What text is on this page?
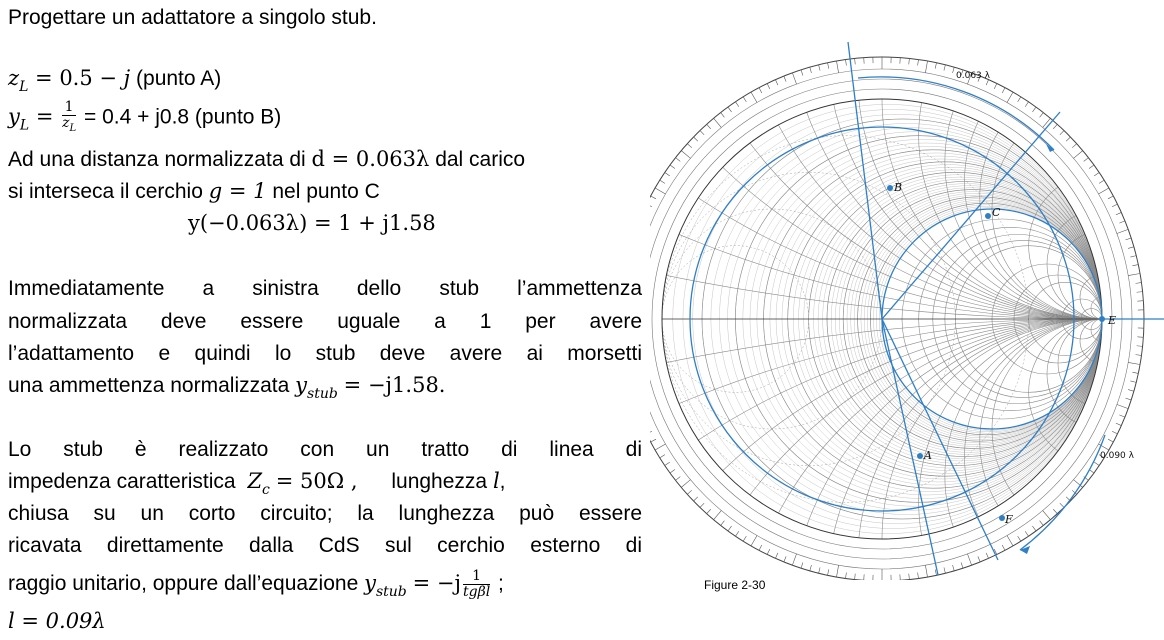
Progettare un adattatore a singolo stub.
$z_L = 0.5 - j$ (punto A)
$y_L = \frac{1}{z_L} = 0.4 + j0.8$ (punto B)
Ad una distanza normalizzata di d = 0.063λ dal carico
si interseca il cerchio g = 1 nel punto C
y(−0.063λ) = 1 + j1.58
Immediatamente a sinistra dello stub l’ammettenza
normalizzata deve essere uguale a 1 per avere
l’adattamento e quindi lo stub deve avere ai morsetti
una ammettenza normalizzata $y_{stub} = -j1.58$.
Lo stub è realizzato con un tratto di linea di
impedenza caratteristica $Z_c = 50\Omega$ , lunghezza l,
chiusa su un corto circuito; la lunghezza può essere
ricavata direttamente dalla CdS sul cerchio esterno di
raggio unitario, oppure dall’equazione $y_{stub} = -j \frac{1}{\text{tgβl}}$ ;
l = 0.09λ
B
C
E
A
F
0.063 λ
0.090 λ
Figure 2-30
